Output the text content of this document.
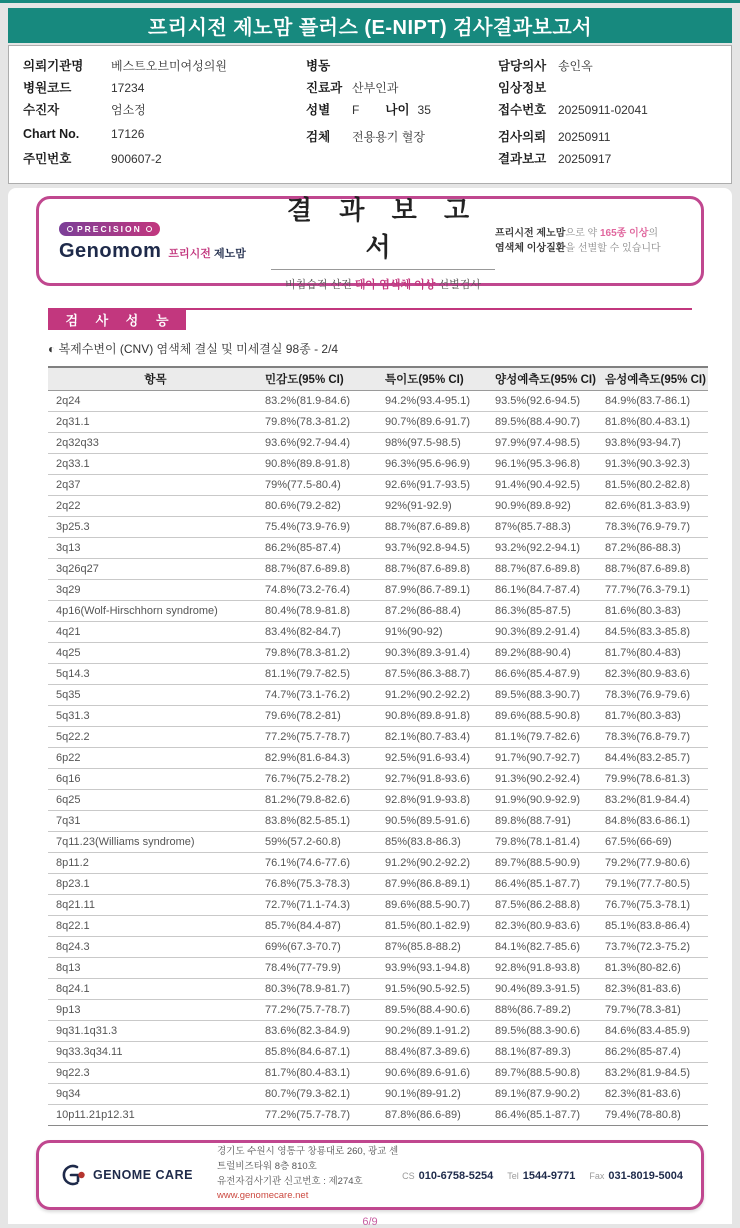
프리시전 제노맘 플러스 (E-NIPT) 검사결과보고서
의뢰기관명	베스트오브미여성의원
병원코드	17234
수진자	엄소정
Chart No.	17126
주민번호	900607-2
병동
진료과 산부인과
성별	F 나이 35
검체	전용용기 혈장
담당의사 송인옥
임상정보
접수번호 20250911-02041
검사의뢰 20250911
결과보고 20250917
PRECISION
Genomom 프리시전 제노맘
결 과 보 고 서
비침습적 산전 태아 염색체 이상 선별검사
프리시전 제노맘으로 약 165종 이상의
염색체 이상질환을 선별할 수 있습니다
검 사 성 능
◐ 복제수변이 (CNV) 염색체 결실 및 미세결실 98종 - 2/4
항목	민감도(95% CI)	특이도(95% CI)	양성예측도(95% CI)	음성예측도(95% CI)
2q24	83.2%(81.9-84.6)	94.2%(93.4-95.1)	93.5%(92.6-94.5)	84.9%(83.7-86.1)
2q31.1	79.8%(78.3-81.2)	90.7%(89.6-91.7)	89.5%(88.4-90.7)	81.8%(80.4-83.1)
2q32q33	93.6%(92.7-94.4)	98%(97.5-98.5)	97.9%(97.4-98.5)	93.8%(93-94.7)
2q33.1	90.8%(89.8-91.8)	96.3%(95.6-96.9)	96.1%(95.3-96.8)	91.3%(90.3-92.3)
2q37	79%(77.5-80.4)	92.6%(91.7-93.5)	91.4%(90.4-92.5)	81.5%(80.2-82.8)
2q22	80.6%(79.2-82)	92%(91-92.9)	90.9%(89.8-92)	82.6%(81.3-83.9)
3p25.3	75.4%(73.9-76.9)	88.7%(87.6-89.8)	87%(85.7-88.3)	78.3%(76.9-79.7)
3q13	86.2%(85-87.4)	93.7%(92.8-94.5)	93.2%(92.2-94.1)	87.2%(86-88.3)
3q26q27	88.7%(87.6-89.8)	88.7%(87.6-89.8)	88.7%(87.6-89.8)	88.7%(87.6-89.8)
3q29	74.8%(73.2-76.4)	87.9%(86.7-89.1)	86.1%(84.7-87.4)	77.7%(76.3-79.1)
4p16(Wolf-Hirschhorn syndrome)	80.4%(78.9-81.8)	87.2%(86-88.4)	86.3%(85-87.5)	81.6%(80.3-83)
4q21	83.4%(82-84.7)	91%(90-92)	90.3%(89.2-91.4)	84.5%(83.3-85.8)
4q25	79.8%(78.3-81.2)	90.3%(89.3-91.4)	89.2%(88-90.4)	81.7%(80.4-83)
5q14.3	81.1%(79.7-82.5)	87.5%(86.3-88.7)	86.6%(85.4-87.9)	82.3%(80.9-83.6)
5q35	74.7%(73.1-76.2)	91.2%(90.2-92.2)	89.5%(88.3-90.7)	78.3%(76.9-79.6)
5q31.3	79.6%(78.2-81)	90.8%(89.8-91.8)	89.6%(88.5-90.8)	81.7%(80.3-83)
5q22.2	77.2%(75.7-78.7)	82.1%(80.7-83.4)	81.1%(79.7-82.6)	78.3%(76.8-79.7)
6p22	82.9%(81.6-84.3)	92.5%(91.6-93.4)	91.7%(90.7-92.7)	84.4%(83.2-85.7)
6q16	76.7%(75.2-78.2)	92.7%(91.8-93.6)	91.3%(90.2-92.4)	79.9%(78.6-81.3)
6q25	81.2%(79.8-82.6)	92.8%(91.9-93.8)	91.9%(90.9-92.9)	83.2%(81.9-84.4)
7q31	83.8%(82.5-85.1)	90.5%(89.5-91.6)	89.8%(88.7-91)	84.8%(83.6-86.1)
7q11.23(Williams syndrome)	59%(57.2-60.8)	85%(83.8-86.3)	79.8%(78.1-81.4)	67.5%(66-69)
8p11.2	76.1%(74.6-77.6)	91.2%(90.2-92.2)	89.7%(88.5-90.9)	79.2%(77.9-80.6)
8p23.1	76.8%(75.3-78.3)	87.9%(86.8-89.1)	86.4%(85.1-87.7)	79.1%(77.7-80.5)
8q21.11	72.7%(71.1-74.3)	89.6%(88.5-90.7)	87.5%(86.2-88.8)	76.7%(75.3-78.1)
8q22.1	85.7%(84.4-87)	81.5%(80.1-82.9)	82.3%(80.9-83.6)	85.1%(83.8-86.4)
8q24.3	69%(67.3-70.7)	87%(85.8-88.2)	84.1%(82.7-85.6)	73.7%(72.3-75.2)
8q13	78.4%(77-79.9)	93.9%(93.1-94.8)	92.8%(91.8-93.8)	81.3%(80-82.6)
8q24.1	80.3%(78.9-81.7)	91.5%(90.5-92.5)	90.4%(89.3-91.5)	82.3%(81-83.6)
9p13	77.2%(75.7-78.7)	89.5%(88.4-90.6)	88%(86.7-89.2)	79.7%(78.3-81)
9q31.1q31.3	83.6%(82.3-84.9)	90.2%(89.1-91.2)	89.5%(88.3-90.6)	84.6%(83.4-85.9)
9q33.3q34.11	85.8%(84.6-87.1)	88.4%(87.3-89.6)	88.1%(87-89.3)	86.2%(85-87.4)
9q22.3	81.7%(80.4-83.1)	90.6%(89.6-91.6)	89.7%(88.5-90.8)	83.2%(81.9-84.5)
9q34	80.7%(79.3-82.1)	90.1%(89-91.2)	89.1%(87.9-90.2)	82.3%(81-83.6)
10p11.21p12.31	77.2%(75.7-78.7)	87.8%(86.6-89)	86.4%(85.1-87.7)	79.4%(78-80.8)
GENOME CARE
경기도 수원시 영통구 창룡대로 260, 광교 센트럴비즈타워 8층 810호
유전자검사기관 신고번호 : 제274호
www.genomecare.net
CS 010-6758-5254 Tel 1544-9771 Fax 031-8019-5004
6/9
